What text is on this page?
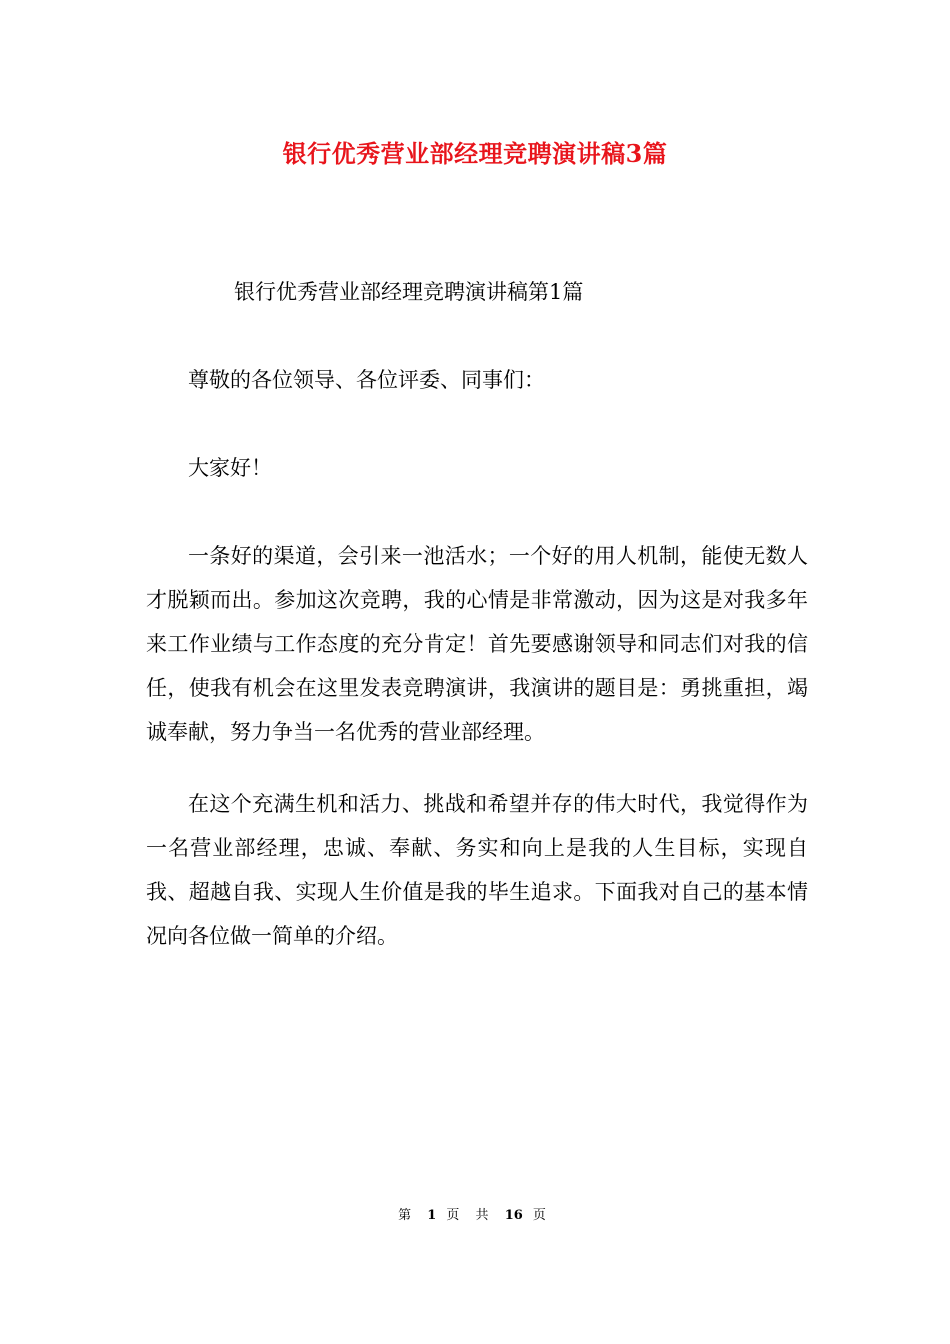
银行优秀营业部经理竞聘演讲稿3篇

银行优秀营业部经理竞聘演讲稿第1篇

尊敬的各位领导、各位评委、同事们：

大家好！

一条好的渠道，会引来一池活水；一个好的用人机制，能使无数人才脱颖而出。参加这次竞聘，我的心情是非常激动，因为这是对我多年来工作业绩与工作态度的充分肯定！首先要感谢领导和同志们对我的信任，使我有机会在这里发表竞聘演讲，我演讲的题目是：勇挑重担，竭诚奉献，努力争当一名优秀的营业部经理。

在这个充满生机和活力、挑战和希望并存的伟大时代，我觉得作为一名营业部经理，忠诚、奉献、务实和向上是我的人生目标，实现自我、超越自我、实现人生价值是我的毕生追求。下面我对自己的基本情况向各位做一简单的介绍。

第 1 页 共 16 页
